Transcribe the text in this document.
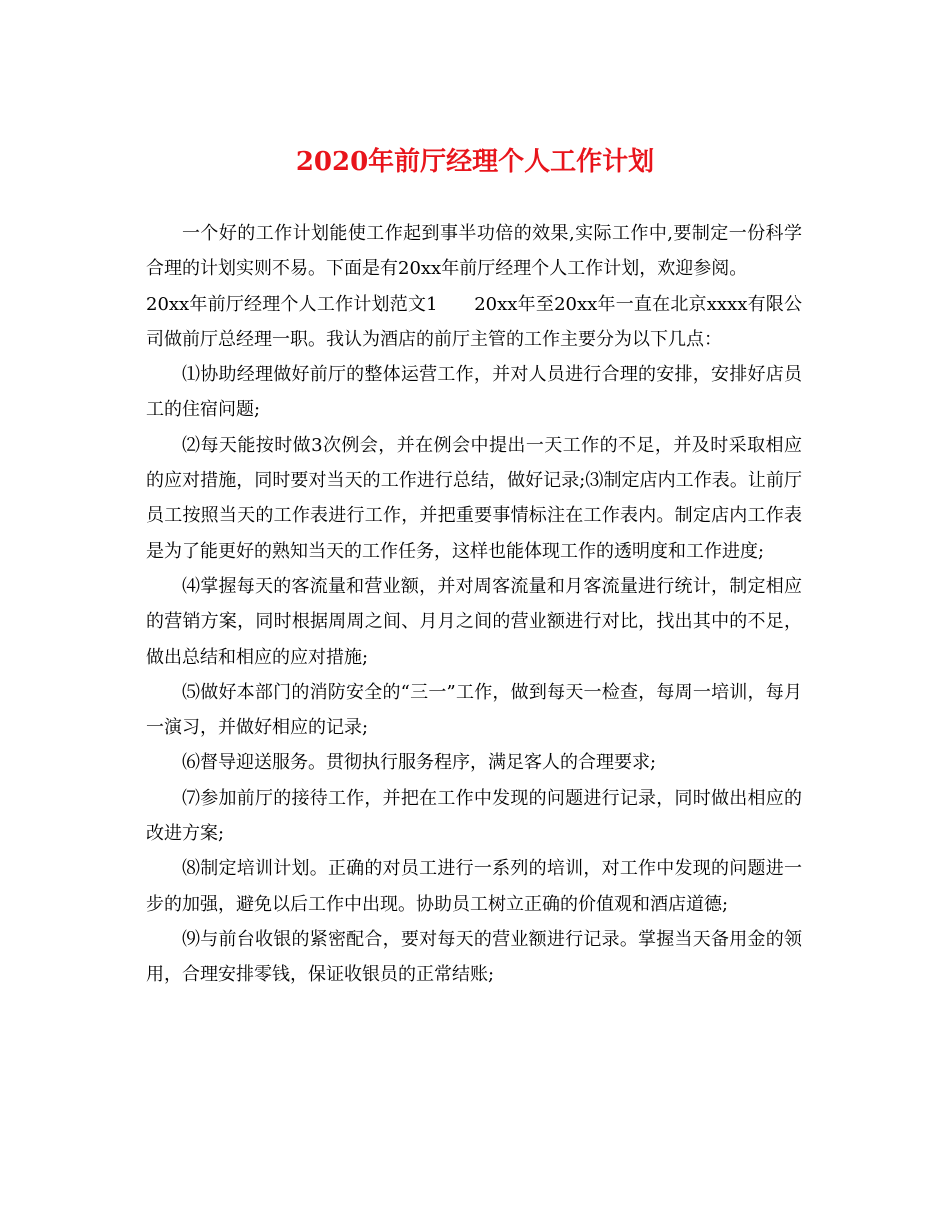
2020年前厅经理个人工作计划

一个好的工作计划能使工作起到事半功倍的效果,实际工作中,要制定一份科学合理的计划实则不易。下面是有20xx年前厅经理个人工作计划，欢迎参阅。

20xx年前厅经理个人工作计划范文1　　20xx年至20xx年一直在北京xxxx有限公司做前厅总经理一职。我认为酒店的前厅主管的工作主要分为以下几点：

⑴协助经理做好前厅的整体运营工作，并对人员进行合理的安排，安排好店员工的住宿问题;

⑵每天能按时做3次例会，并在例会中提出一天工作的不足，并及时采取相应的应对措施，同时要对当天的工作进行总结，做好记录;⑶制定店内工作表。让前厅员工按照当天的工作表进行工作，并把重要事情标注在工作表内。制定店内工作表是为了能更好的熟知当天的工作任务，这样也能体现工作的透明度和工作进度;

⑷掌握每天的客流量和营业额，并对周客流量和月客流量进行统计，制定相应的营销方案，同时根据周周之间、月月之间的营业额进行对比，找出其中的不足，做出总结和相应的应对措施;

⑸做好本部门的消防安全的“三一”工作，做到每天一检查，每周一培训，每月一演习，并做好相应的记录;

⑹督导迎送服务。贯彻执行服务程序，满足客人的合理要求;

⑺参加前厅的接待工作，并把在工作中发现的问题进行记录，同时做出相应的改进方案;

⑻制定培训计划。正确的对员工进行一系列的培训，对工作中发现的问题进一步的加强，避免以后工作中出现。协助员工树立正确的价值观和酒店道德;

⑼与前台收银的紧密配合，要对每天的营业额进行记录。掌握当天备用金的领用，合理安排零钱，保证收银员的正常结账;
